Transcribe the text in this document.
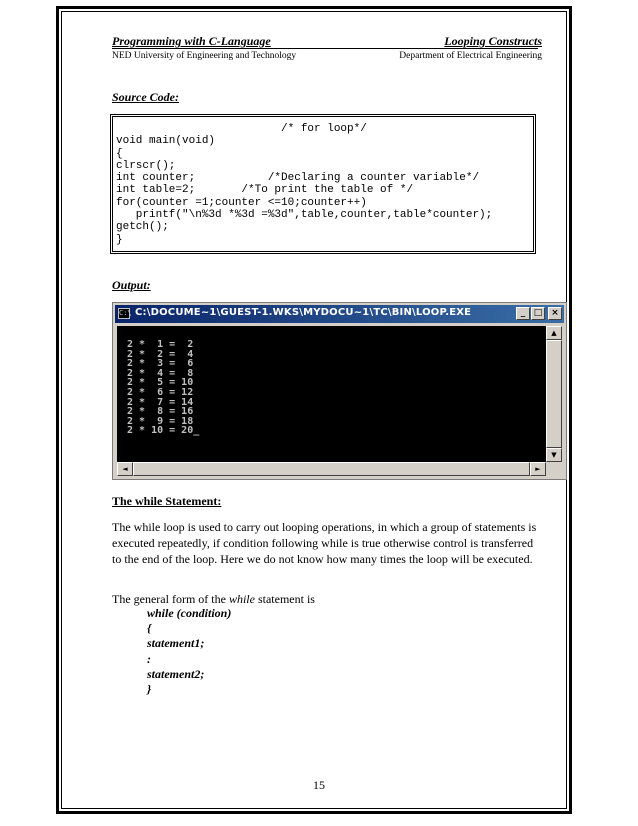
Programming with C-Language	Looping Constructs
NED University of Engineering and Technology	Department of Electrical Engineering
Source Code:
/* for loop*/
void main(void)
{
clrscr();
int counter;           /*Declaring a counter variable*/
int table=2;       /*To print the table of */
for(counter =1;counter <=10;counter++)
printf("\n%3d *%3d =%3d",table,counter,table*counter);
getch();
}
Output:
C:\ C:\DOCUME~1\GUEST-1.WKS\MYDOCU~1\TC\BIN\LOOP.EXE	_ □ ×
2 *  1 =  2
2 *  2 =  4
2 *  3 =  6
2 *  4 =  8
2 *  5 = 10
2 *  6 = 12
2 *  7 = 14
2 *  8 = 16
2 *  9 = 18
2 * 10 = 20_
▲
▼
◄	►
The while Statement:
The while loop is used to carry out looping operations, in which a group of statements is executed repeatedly, if condition following while is true otherwise control is transferred to the end of the loop. Here we do not know how many times the loop will be executed.
The general form of the while statement is
while (condition)
{
statement1;
:
statement2;
}
15
